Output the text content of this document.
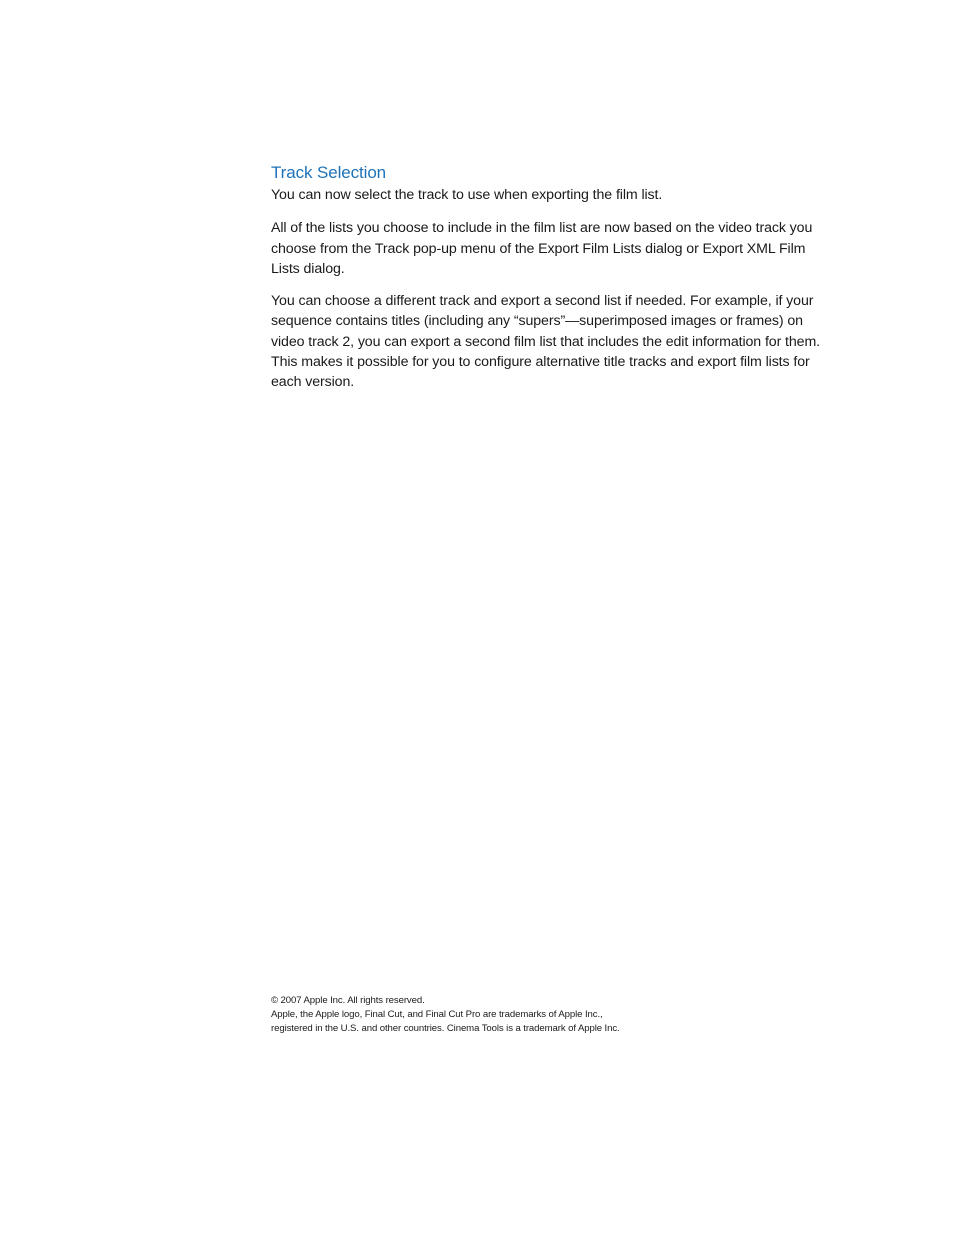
Track Selection

You can now select the track to use when exporting the film list.

All of the lists you choose to include in the film list are now based on the video track you choose from the Track pop-up menu of the Export Film Lists dialog or Export XML Film Lists dialog.

You can choose a different track and export a second list if needed. For example, if your sequence contains titles (including any “supers”—superimposed images or frames) on video track 2, you can export a second film list that includes the edit information for them. This makes it possible for you to configure alternative title tracks and export film lists for each version.

© 2007 Apple Inc. All rights reserved.
Apple, the Apple logo, Final Cut, and Final Cut Pro are trademarks of Apple Inc.,
registered in the U.S. and other countries. Cinema Tools is a trademark of Apple Inc.
